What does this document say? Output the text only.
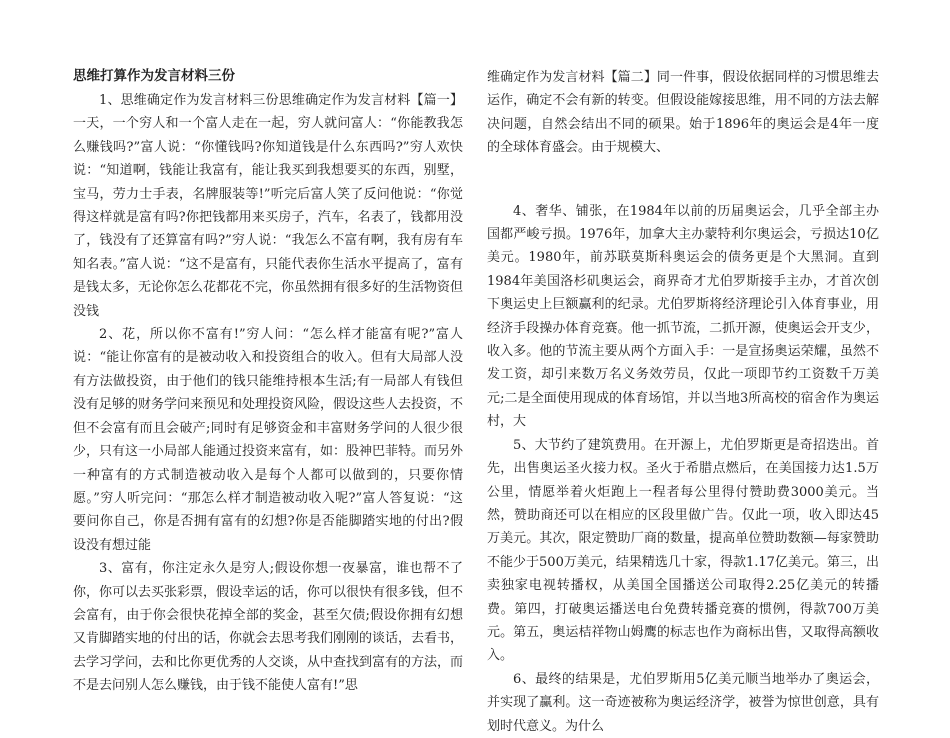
思维打算作为发言材料三份

1、思维确定作为发言材料三份思维确定作为发言材料【篇一】一天，一个穷人和一个富人走在一起，穷人就问富人：“你能教我怎么赚钱吗?”富人说：“你懂钱吗?你知道钱是什么东西吗?”穷人欢快说：“知道啊，钱能让我富有，能让我买到我想要买的东西，别墅，宝马，劳力士手表，名牌服装等!”听完后富人笑了反问他说：“你觉得这样就是富有吗?你把钱都用来买房子，汽车，名表了，钱都用没了，钱没有了还算富有吗?”穷人说：“我怎么不富有啊，我有房有车知名表。”富人说：“这不是富有，只能代表你生活水平提高了，富有是钱太多，无论你怎么花都花不完，你虽然拥有很多好的生活物资但没钱

2、花，所以你不富有!”穷人问：“怎么样才能富有呢?”富人说：“能让你富有的是被动收入和投资组合的收入。但有大局部人没有方法做投资，由于他们的钱只能维持根本生活;有一局部人有钱但没有足够的财务学问来预见和处理投资风险，假设这些人去投资，不但不会富有而且会破产;同时有足够资金和丰富财务学问的人很少很少，只有这一小局部人能通过投资来富有，如：股神巴菲特。而另外一种富有的方式制造被动收入是每个人都可以做到的，只要你情愿。”穷人听完问：“那怎么样才制造被动收入呢?”富人答复说：“这要问你自己，你是否拥有富有的幻想?你是否能脚踏实地的付出?假设没有想过能

3、富有，你注定永久是穷人;假设你想一夜暴富，谁也帮不了你，你可以去买张彩票，假设幸运的话，你可以很快有很多钱，但不会富有，由于你会很快花掉全部的奖金，甚至欠债;假设你拥有幻想又肯脚踏实地的付出的话，你就会去思考我们刚刚的谈话，去看书，去学习学问，去和比你更优秀的人交谈，从中查找到富有的方法，而不是去问别人怎么赚钱，由于钱不能使人富有!”思

维确定作为发言材料【篇二】同一件事，假设依据同样的习惯思维去运作，确定不会有新的转变。但假设能嫁接思维，用不同的方法去解决问题，自然会结出不同的硕果。始于1896年的奥运会是4年一度的全球体育盛会。由于规模大、

4、奢华、铺张，在1984年以前的历届奥运会，几乎全部主办国都严峻亏损。1976年，加拿大主办蒙特利尔奥运会，亏损达10亿美元。1980年，前苏联莫斯科奥运会的债务更是个大黑洞。直到1984年美国洛杉矶奥运会，商界奇才尤伯罗斯接手主办，才首次创下奥运史上巨额赢利的纪录。尤伯罗斯将经济理论引入体育事业，用经济手段操办体育竞赛。他一抓节流，二抓开源，使奥运会开支少，收入多。他的节流主要从两个方面入手：一是宣扬奥运荣耀，虽然不发工资，却引来数万名义务效劳员，仅此一项即节约工资数千万美元;二是全面使用现成的体育场馆，并以当地3所高校的宿舍作为奥运村，大

5、大节约了建筑费用。在开源上，尤伯罗斯更是奇招迭出。首先，出售奥运圣火接力权。圣火于希腊点燃后，在美国接力达1.5万公里，情愿举着火炬跑上一程者每公里得付赞助费3000美元。当然，赞助商还可以在相应的区段里做广告。仅此一项，收入即达45万美元。其次，限定赞助厂商的数量，提高单位赞助数额—每家赞助不能少于500万美元，结果精选几十家，得款1.17亿美元。第三，出卖独家电视转播权，从美国全国播送公司取得2.25亿美元的转播费。第四，打破奥运播送电台免费转播竞赛的惯例，得款700万美元。第五，奥运桔祥物山姆鹰的标志也作为商标出售，又取得高额收入。

6、最终的结果是，尤伯罗斯用5亿美元顺当地举办了奥运会，并实现了赢利。这一奇迹被称为奥运经济学，被誉为惊世创意，具有划时代意义。为什么
